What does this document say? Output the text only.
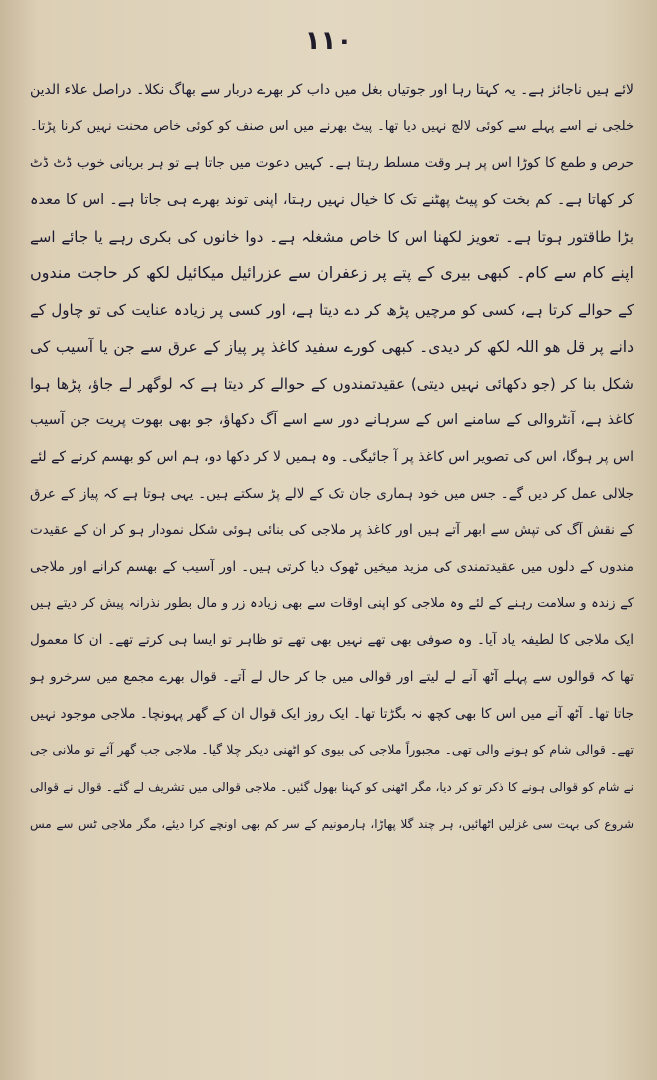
۱۱۰
لائے ہیں ناجائز ہے۔ یہ کہتا رہا اور جوتیاں بغل میں داب کر بھرے دربار سے بھاگ نکلا۔ دراصل علاء الدین
خلجی نے اسے پہلے سے کوئی لالچ نہیں دیا تھا۔ پیٹ بھرنے میں اس صنف کو کوئی خاص محنت نہیں کرنا پڑتا۔
حرص و طمع کا کوڑا اس پر ہر وقت مسلط رہتا ہے۔ کہیں دعوت میں جاتا ہے تو ہر بریانی خوب ڈٹ ڈٹ
کر کھاتا ہے۔ کم بخت کو پیٹ پھٹنے تک کا خیال نہیں رہتا، اپنی توند بھرے ہی جاتا ہے۔ اس کا معدہ
بڑا طاقتور ہوتا ہے۔ تعویز لکھنا اس کا خاص مشغلہ ہے۔ دوا خانوں کی بکری رہے یا جائے اسے
اپنے کام سے کام۔ کبھی بیری کے پتے پر زعفران سے عزرائیل میکائیل لکھ کر حاجت مندوں
کے حوالے کرتا ہے، کسی کو مرچیں پڑھ کر دے دیتا ہے، اور کسی پر زیادہ عنایت کی تو چاول کے
دانے پر قل ھو اللہ لکھ کر دیدی۔ کبھی کورے سفید کاغذ پر پیاز کے عرق سے جن یا آسیب کی
شکل بنا کر (جو دکھائی نہیں دیتی) عقیدتمندوں کے حوالے کر دیتا ہے کہ لوگھر لے جاؤ، پڑھا ہوا
کاغذ ہے، آنٹروالی کے سامنے اس کے سرہانے دور سے اسے آگ دکھاؤ، جو بھی بھوت پریت جن آسیب
اس پر ہوگا، اس کی تصویر اس کاغذ پر آ جائیگی۔ وہ ہمیں لا کر دکھا دو، ہم اس کو بھسم کرنے کے لئے
جلالی عمل کر دیں گے۔ جس میں خود ہماری جان تک کے لالے پڑ سکتے ہیں۔ یہی ہوتا ہے کہ پیاز کے عرق
کے نقش آگ کی تپش سے ابھر آتے ہیں اور کاغذ پر ملاجی کی بنائی ہوئی شکل نمودار ہو کر ان کے عقیدت
مندوں کے دلوں میں عقیدتمندی کی مزید میخیں ٹھوک دیا کرتی ہیں۔ اور آسیب کے بھسم کرانے اور ملاجی
کے زندہ و سلامت رہنے کے لئے وہ ملاجی کو اپنی اوقات سے بھی زیادہ زر و مال بطور نذرانہ پیش کر دیتے ہیں
ایک ملاجی کا لطیفہ یاد آیا۔ وہ صوفی بھی تھے نہیں بھی تھے تو ظاہر تو ایسا ہی کرتے تھے۔ ان کا معمول
تھا کہ قوالوں سے پہلے آٹھ آنے لے لیتے اور قوالی میں جا کر حال لے آتے۔ قوال بھرے مجمع میں سرخرو ہو
جاتا تھا۔ آٹھ آنے میں اس کا بھی کچھ نہ بگڑتا تھا۔ ایک روز ایک قوال ان کے گھر پہونچا۔ ملاجی موجود نہیں
تھے۔ قوالی شام کو ہونے والی تھی۔ مجبوراً ملاجی کی بیوی کو اٹھنی دیکر چلا گیا۔ ملاجی جب گھر آئے تو ملانی جی
نے شام کو قوالی ہونے کا ذکر تو کر دیا، مگر اٹھنی کو کہنا بھول گئیں۔ ملاجی قوالی میں تشریف لے گئے۔ قوال نے قوالی
شروع کی بہت سی غزلیں اٹھائیں، ہر چند گلا پھاڑا، ہارمونیم کے سر کم بھی اونچے کرا دیئے، مگر ملاجی ٹس سے مس
